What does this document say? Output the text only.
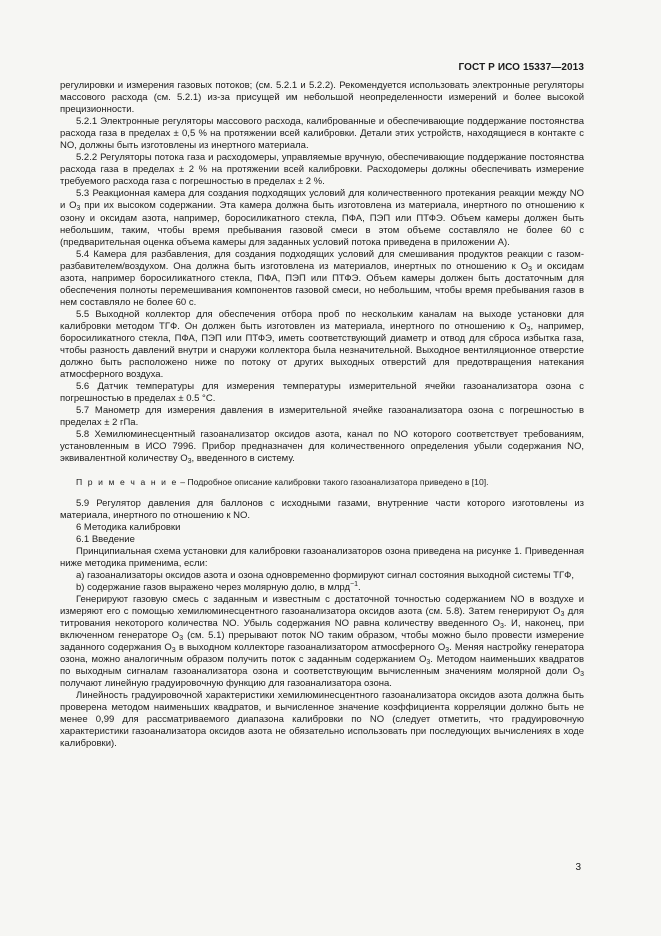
ГОСТ Р ИСО 15337—2013

регулировки и измерения газовых потоков; (см. 5.2.1 и 5.2.2). Рекомендуется использовать электронные регуляторы массового расхода (см. 5.2.1) из-за присущей им небольшой неопределенности измерений и более высокой прецизионности.

5.2.1 Электронные регуляторы массового расхода, калиброванные и обеспечивающие поддержание постоянства расхода газа в пределах ± 0,5 % на протяжении всей калибровки. Детали этих устройств, находящиеся в контакте с NO, должны быть изготовлены из инертного материала.

5.2.2 Регуляторы потока газа и расходомеры, управляемые вручную, обеспечивающие поддержание постоянства расхода газа в пределах ± 2 % на протяжении всей калибровки. Расходомеры должны обеспечивать измерение требуемого расхода газа с погрешностью в пределах ± 2 %.

5.3 Реакционная камера для создания подходящих условий для количественного протекания реакции между NO и $O_3$ при их высоком содержании. Эта камера должна быть изготовлена из материала, инертного по отношению к озону и оксидам азота, например, боросиликатного стекла, ПФА, ПЭП или ПТФЭ. Объем камеры должен быть небольшим, таким, чтобы время пребывания газовой смеси в этом объеме составляло не более 60 с (предварительная оценка объема камеры для заданных условий потока приведена в приложении А).

5.4 Камера для разбавления, для создания подходящих условий для смешивания продуктов реакции с газом-разбавителем/воздухом. Она должна быть изготовлена из материалов, инертных по отношению к $O_3$ и оксидам азота, например боросиликатного стекла, ПФА, ПЭП или ПТФЭ. Объем камеры должен быть достаточным для обеспечения полноты перемешивания компонентов газовой смеси, но небольшим, чтобы время пребывания газов в нем составляло не более 60 с.

5.5 Выходной коллектор для обеспечения отбора проб по нескольким каналам на выходе установки для калибровки методом ТГФ. Он должен быть изготовлен из материала, инертного по отношению к $O_3$, например, боросиликатного стекла, ПФА, ПЭП или ПТФЭ, иметь соответствующий диаметр и отвод для сброса избытка газа, чтобы разность давлений внутри и снаружи коллектора была незначительной. Выходное вентиляционное отверстие должно быть расположено ниже по потоку от других выходных отверстий для предотвращения натекания атмосферного воздуха.

5.6 Датчик температуры для измерения температуры измерительной ячейки газоанализатора озона с погрешностью в пределах ± 0.5 °С.

5.7 Манометр для измерения давления в измерительной ячейке газоанализатора озона с погрешностью в пределах ± 2 гПа.

5.8 Хемилюминесцентный газоанализатор оксидов азота, канал по NO которого соответствует требованиям, установленным в ИСО 7996. Прибор предназначен для количественного определения убыли содержания NO, эквивалентной количеству $O_3$, введенного в систему.

П р и м е ч а н и е – Подробное описание калибровки такого газоанализатора приведено в [10].

5.9 Регулятор давления для баллонов с исходными газами, внутренние части которого изготовлены из материала, инертного по отношению к NO.

6 Методика калибровки

6.1 Введение

Принципиальная схема установки для калибровки газоанализаторов озона приведена на рисунке 1. Приведенная ниже методика применима, если:

а) газоанализаторы оксидов азота и озона одновременно формируют сигнал состояния выходной системы ТГФ,

b) содержание газов выражено через молярную долю, в млрд$^{-1}$.

Генерируют газовую смесь с заданным и известным с достаточной точностью содержанием NO в воздухе и измеряют его с помощью хемилюминесцентного газоанализатора оксидов азота (см. 5.8). Затем генерируют $O_3$ для титрования некоторого количества NO. Убыль содержания NO равна количеству введенного $O_3$. И, наконец, при включенном генераторе $O_3$ (см. 5.1) прерывают поток NO таким образом, чтобы можно было провести измерение заданного содержания $O_3$ в выходном коллекторе газоанализатором атмосферного $O_3$. Меняя настройку генератора озона, можно аналогичным образом получить поток с заданным содержанием $O_3$. Методом наименьших квадратов по выходным сигналам газоанализатора озона и соответствующим вычисленным значениям молярной доли $O_3$ получают линейную градуировочную функцию для газоанализатора озона.

Линейность градуировочной характеристики хемилюминесцентного газоанализатора оксидов азота должна быть проверена методом наименьших квадратов, и вычисленное значение коэффициента корреляции должно быть не менее 0,99 для рассматриваемого диапазона калибровки по NO (следует отметить, что градуировочную характеристики газоанализатора оксидов азота не обязательно использовать при последующих вычислениях в ходе калибровки).

3
